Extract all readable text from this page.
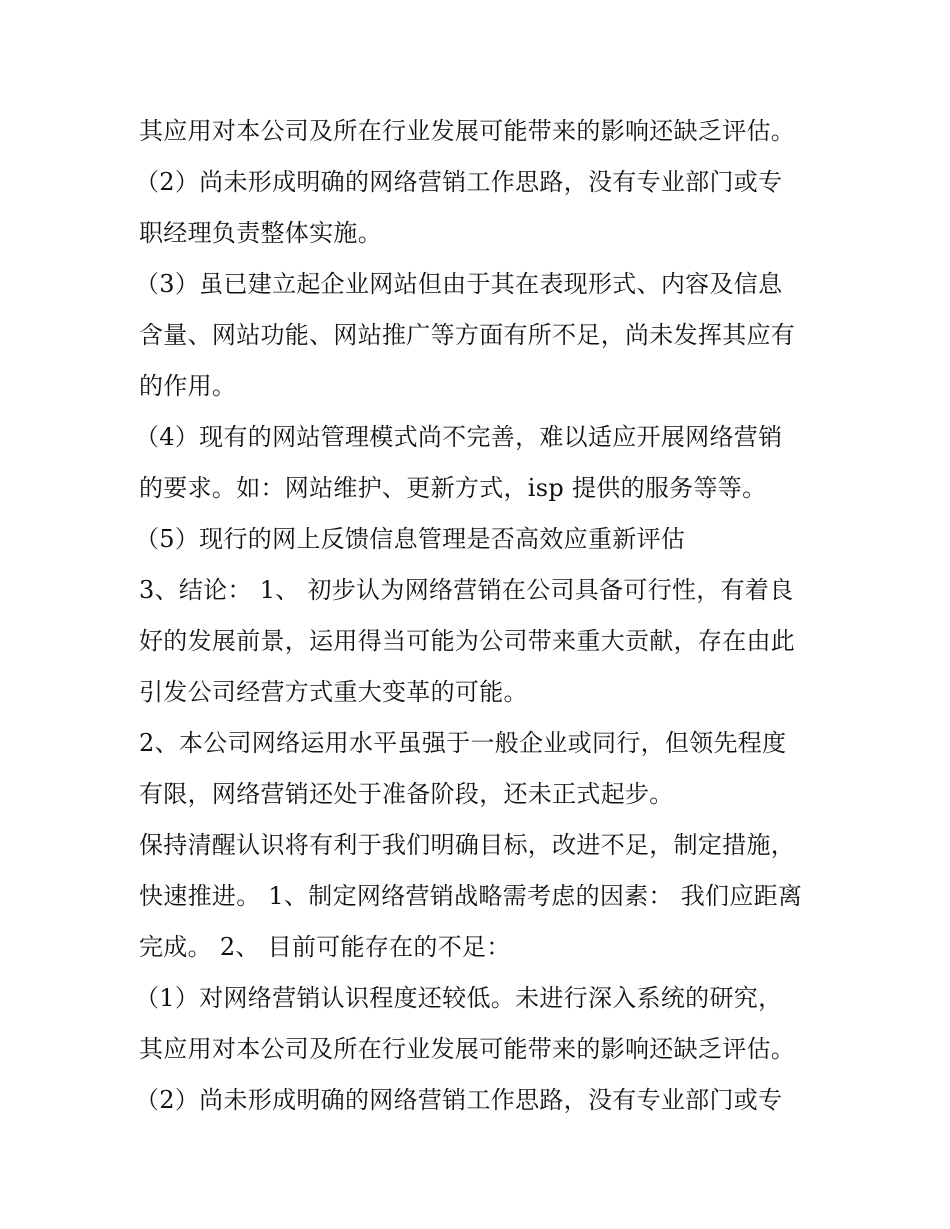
其应用对本公司及所在行业发展可能带来的影响还缺乏评估。
（2）尚未形成明确的网络营销工作思路，没有专业部门或专
职经理负责整体实施。
（3）虽已建立起企业网站但由于其在表现形式、内容及信息
含量、网站功能、网站推广等方面有所不足，尚未发挥其应有
的作用。
（4）现有的网站管理模式尚不完善，难以适应开展网络营销
的要求。如：网站维护、更新方式，isp 提供的服务等等。
（5）现行的网上反馈信息管理是否高效应重新评估
3、结论： 1、 初步认为网络营销在公司具备可行性，有着良
好的发展前景，运用得当可能为公司带来重大贡献，存在由此
引发公司经营方式重大变革的可能。
2、本公司网络运用水平虽强于一般企业或同行，但领先程度
有限，网络营销还处于准备阶段，还未正式起步。
保持清醒认识将有利于我们明确目标，改进不足，制定措施，
快速推进。 1、制定网络营销战略需考虑的因素： 我们应距离
完成。 2、 目前可能存在的不足：
（1）对网络营销认识程度还较低。未进行深入系统的研究，
其应用对本公司及所在行业发展可能带来的影响还缺乏评估。
（2）尚未形成明确的网络营销工作思路，没有专业部门或专
